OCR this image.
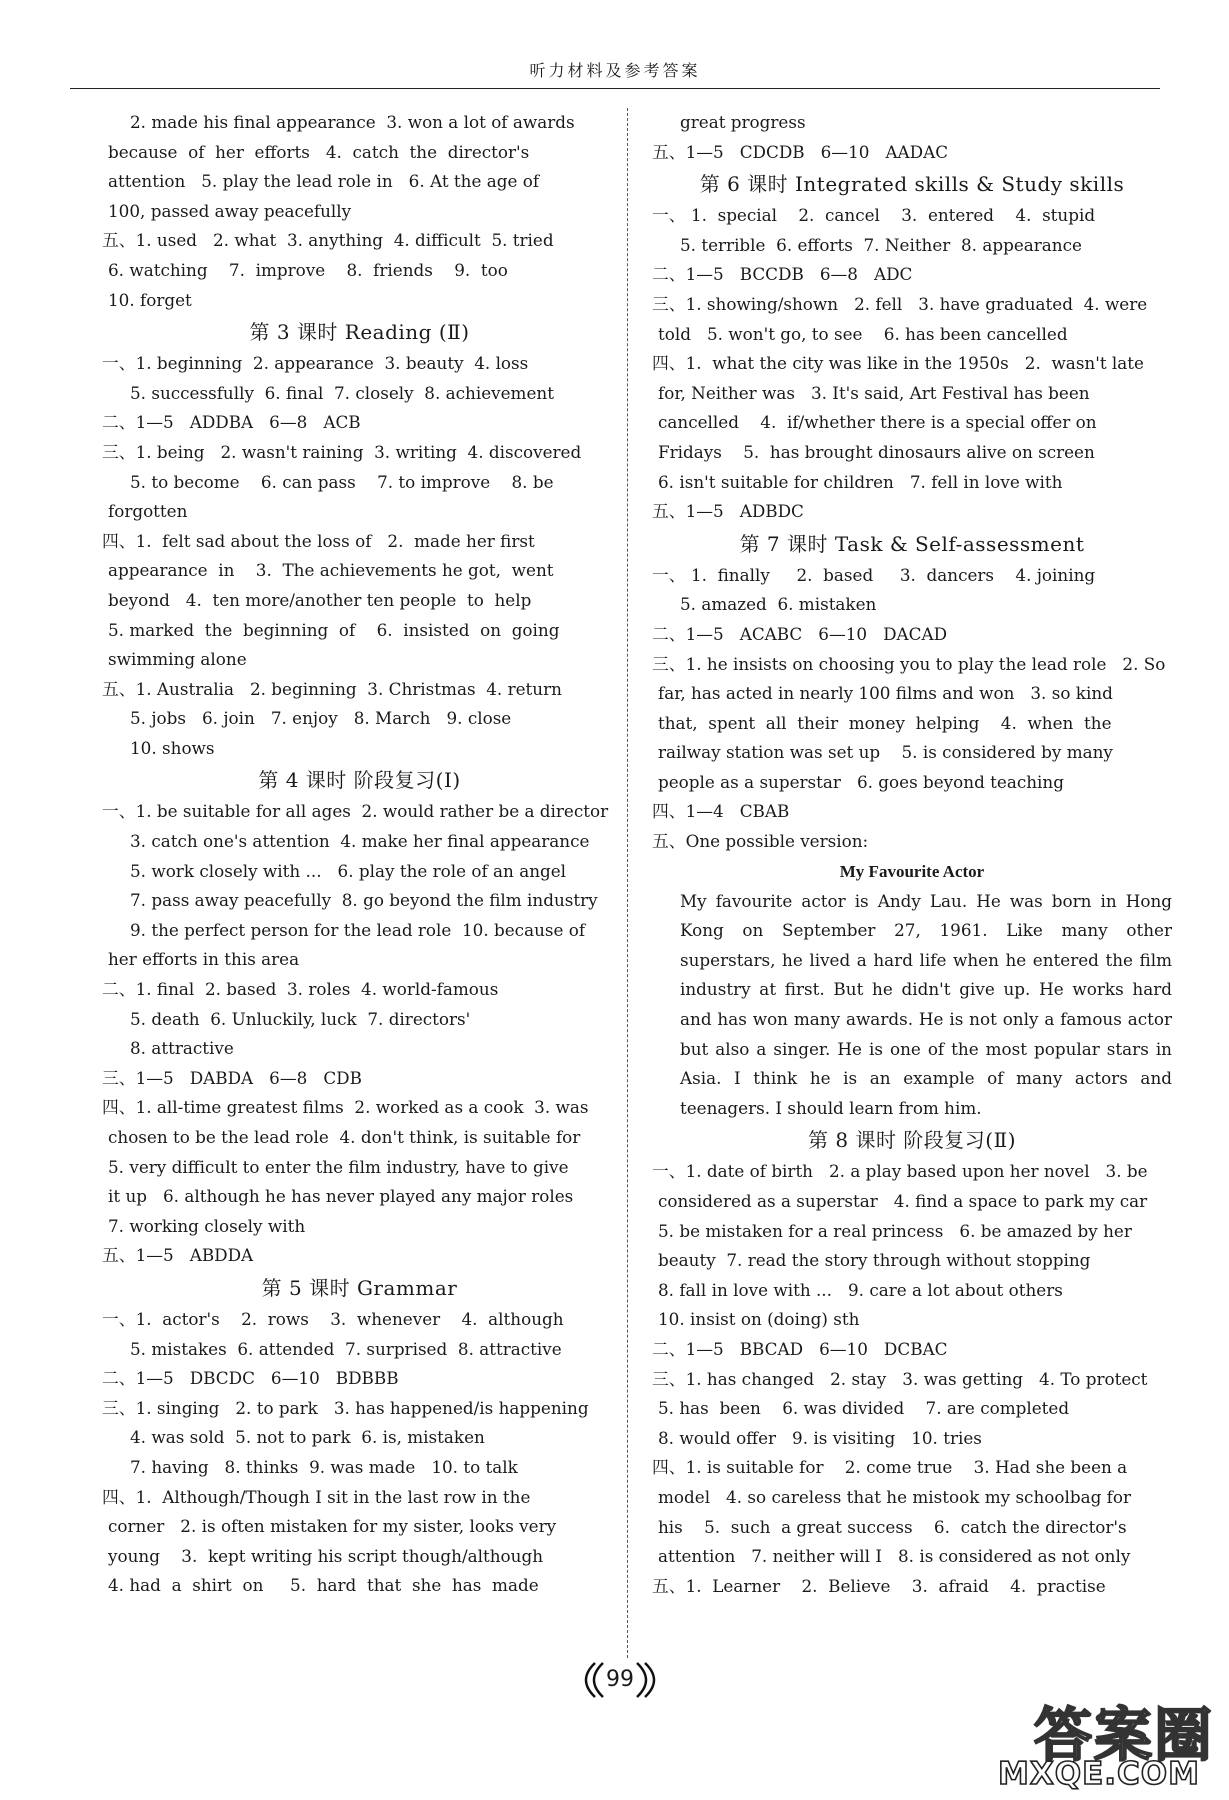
听力材料及参考答案
2. made his final appearance  3. won a lot of awards
because  of  her  efforts   4.  catch  the  director's
attention   5. play the lead role in   6. At the age of
100, passed away peacefully
五、1. used   2. what  3. anything  4. difficult  5. tried
6. watching    7.  improve    8.  friends    9.  too
10. forget
第 3 课时 Reading (Ⅱ)
一、1. beginning  2. appearance  3. beauty  4. loss
5. successfully  6. final  7. closely  8. achievement
二、1—5   ADDBA   6—8   ACB
三、1. being   2. wasn't raining  3. writing  4. discovered
5. to become    6. can pass    7. to improve    8. be
forgotten
四、1.  felt sad about the loss of   2.  made her first
appearance  in    3.  The achievements he got,  went
beyond   4.  ten more/another ten people  to  help
5. marked  the  beginning  of    6.  insisted  on  going
swimming alone
五、1. Australia   2. beginning  3. Christmas  4. return
5. jobs   6. join   7. enjoy   8. March   9. close
10. shows
第 4 课时 阶段复习(Ⅰ)
一、1. be suitable for all ages  2. would rather be a director
3. catch one's attention  4. make her final appearance
5. work closely with ...   6. play the role of an angel
7. pass away peacefully  8. go beyond the film industry
9. the perfect person for the lead role  10. because of
her efforts in this area
二、1. final  2. based  3. roles  4. world-famous
5. death  6. Unluckily, luck  7. directors'
8. attractive
三、1—5   DABDA   6—8   CDB
四、1. all-time greatest films  2. worked as a cook  3. was
chosen to be the lead role  4. don't think, is suitable for
5. very difficult to enter the film industry, have to give
it up   6. although he has never played any major roles
7. working closely with
五、1—5   ABDDA
第 5 课时 Grammar
一、1.  actor's    2.  rows    3.  whenever    4.  although
5. mistakes  6. attended  7. surprised  8. attractive
二、1—5   DBCDC   6—10   BDBBB
三、1. singing   2. to park   3. has happened/is happening
4. was sold  5. not to park  6. is, mistaken
7. having   8. thinks  9. was made   10. to talk
四、1.  Although/Though I sit in the last row in the
corner   2. is often mistaken for my sister, looks very
young    3.  kept writing his script though/although
4. had  a  shirt  on     5.  hard  that  she  has  made
great progress
五、1—5   CDCDB   6—10   AADAC
第 6 课时 Integrated skills & Study skills
一、 1.  special    2.  cancel    3.  entered    4.  stupid
5. terrible  6. efforts  7. Neither  8. appearance
二、1—5   BCCDB   6—8   ADC
三、1. showing/shown   2. fell   3. have graduated  4. were
told   5. won't go, to see    6. has been cancelled
四、1.  what the city was like in the 1950s   2.  wasn't late
for, Neither was   3. It's said, Art Festival has been
cancelled    4.  if/whether there is a special offer on
Fridays    5.  has brought dinosaurs alive on screen
6. isn't suitable for children   7. fell in love with
五、1—5   ADBDC
第 7 课时 Task & Self-assessment
一、 1.  finally     2.  based     3.  dancers    4. joining
5. amazed  6. mistaken
二、1—5   ACABC   6—10   DACAD
三、1. he insists on choosing you to play the lead role   2. So
far, has acted in nearly 100 films and won   3. so kind
that,  spent  all  their  money  helping    4.  when  the
railway station was set up    5. is considered by many
people as a superstar   6. goes beyond teaching
四、1—4   CBAB
五、One possible version:
My Favourite Actor
My favourite actor is Andy Lau. He was born in Hong Kong on September 27, 1961. Like many other superstars, he lived a hard life when he entered the film industry at first. But he didn't give up. He works hard and has won many awards. He is not only a famous actor but also a singer. He is one of the most popular stars in Asia. I think he is an example of many actors and teenagers. I should learn from him.
第 8 课时 阶段复习(Ⅱ)
一、1. date of birth   2. a play based upon her novel   3. be
considered as a superstar   4. find a space to park my car
5. be mistaken for a real princess   6. be amazed by her
beauty  7. read the story through without stopping
8. fall in love with ...   9. care a lot about others
10. insist on (doing) sth
二、1—5   BBCAD   6—10   DCBAC
三、1. has changed   2. stay   3. was getting   4. To protect
5. has  been    6. was divided    7. are completed
8. would offer   9. is visiting   10. tries
四、1. is suitable for    2. come true    3. Had she been a
model   4. so careless that he mistook my schoolbag for
his    5.  such  a great success    6.  catch the director's
attention   7. neither will I   8. is considered as not only
五、1.  Learner    2.  Believe    3.  afraid    4.  practise
99
答案圈
MXQE.COM
